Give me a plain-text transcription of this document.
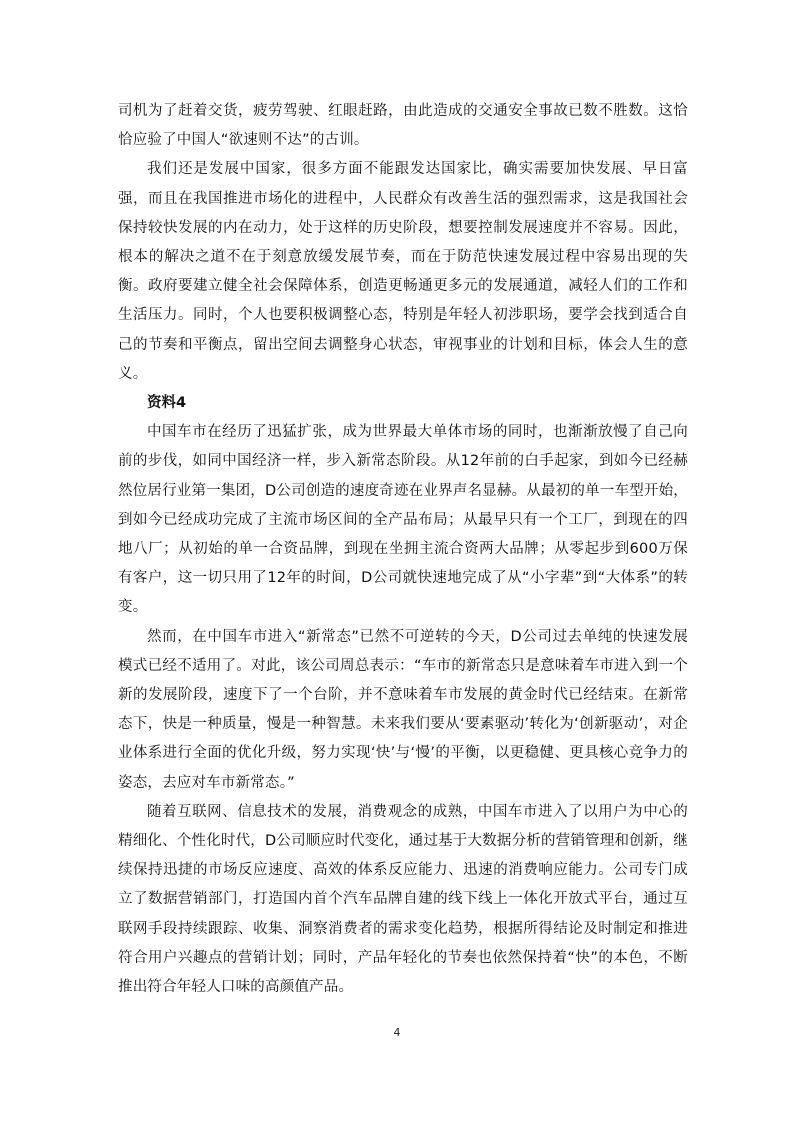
司机为了赶着交货，疲劳驾驶、红眼赶路，由此造成的交通安全事故已数不胜数。这恰恰应验了中国人“欲速则不达”的古训。

我们还是发展中国家，很多方面不能跟发达国家比，确实需要加快发展、早日富强，而且在我国推进市场化的进程中，人民群众有改善生活的强烈需求，这是我国社会保持较快发展的内在动力，处于这样的历史阶段，想要控制发展速度并不容易。因此，根本的解决之道不在于刻意放缓发展节奏，而在于防范快速发展过程中容易出现的失衡。政府要建立健全社会保障体系，创造更畅通更多元的发展通道，减轻人们的工作和生活压力。同时，个人也要积极调整心态，特别是年轻人初涉职场，要学会找到适合自己的节奏和平衡点，留出空间去调整身心状态，审视事业的计划和目标，体会人生的意义。

资料4

中国车市在经历了迅猛扩张，成为世界最大单体市场的同时，也渐渐放慢了自己向前的步伐，如同中国经济一样，步入新常态阶段。从12年前的白手起家，到如今已经赫然位居行业第一集团，D公司创造的速度奇迹在业界声名显赫。从最初的单一车型开始，到如今已经成功完成了主流市场区间的全产品布局；从最早只有一个工厂，到现在的四地八厂；从初始的单一合资品牌，到现在坐拥主流合资两大品牌；从零起步到600万保有客户，这一切只用了12年的时间，D公司就快速地完成了从“小字辈”到“大体系”的转变。

然而，在中国车市进入“新常态”已然不可逆转的今天，D公司过去单纯的快速发展模式已经不适用了。对此，该公司周总表示：“车市的新常态只是意味着车市进入到一个新的发展阶段，速度下了一个台阶，并不意味着车市发展的黄金时代已经结束。在新常态下，快是一种质量，慢是一种智慧。未来我们要从‘要素驱动’转化为‘创新驱动’，对企业体系进行全面的优化升级，努力实现‘快’与‘慢’的平衡，以更稳健、更具核心竞争力的姿态，去应对车市新常态。”

随着互联网、信息技术的发展，消费观念的成熟，中国车市进入了以用户为中心的精细化、个性化时代，D公司顺应时代变化，通过基于大数据分析的营销管理和创新，继续保持迅捷的市场反应速度、高效的体系反应能力、迅速的消费响应能力。公司专门成立了数据营销部门，打造国内首个汽车品牌自建的线下线上一体化开放式平台，通过互联网手段持续跟踪、收集、洞察消费者的需求变化趋势，根据所得结论及时制定和推进符合用户兴趣点的营销计划；同时，产品年轻化的节奏也依然保持着“快”的本色，不断推出符合年轻人口味的高颜值产品。

4
